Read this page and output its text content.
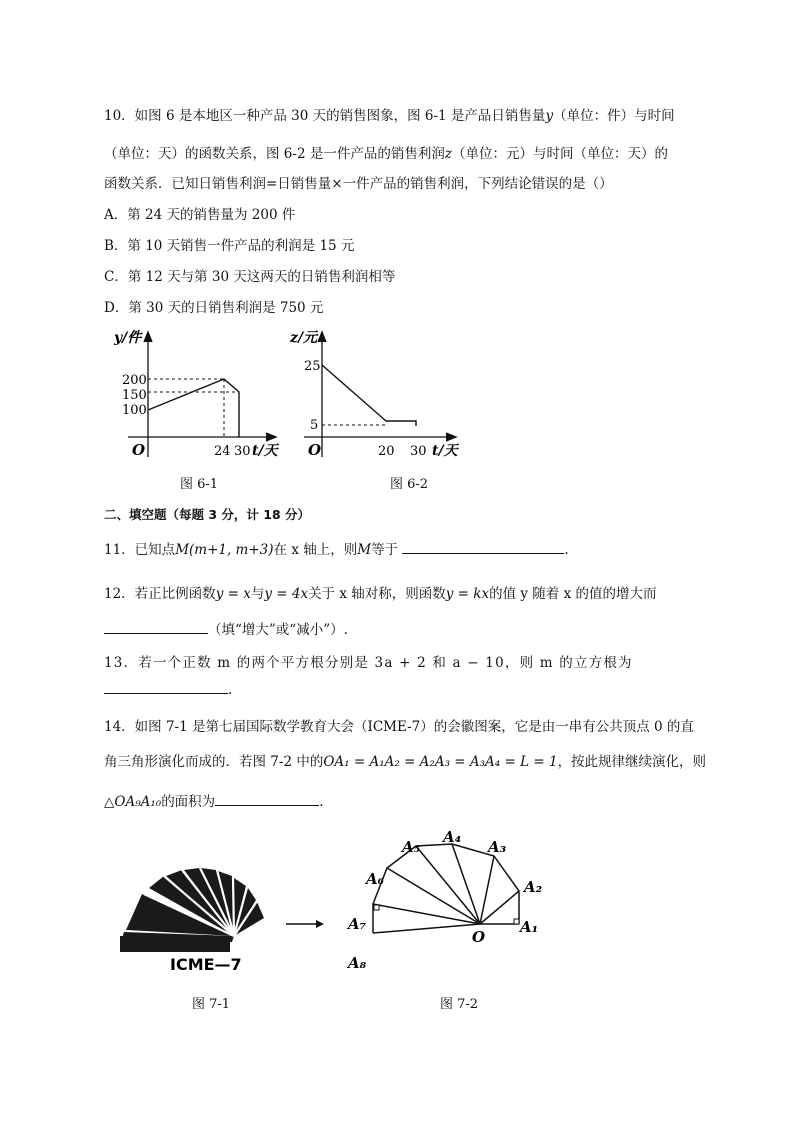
10．如图 6 是本地区一种产品 30 天的销售图象，图 6-1 是产品日销售量y（单位：件）与时间
（单位：天）的函数关系，图 6-2 是一件产品的销售利润z（单位：元）与时间（单位：天）的
函数关系．已知日销售利润=日销售量×一件产品的销售利润，下列结论错误的是（）
A．第 24 天的销售量为 200 件
B．第 10 天销售一件产品的利润是 15 元
C．第 12 天与第 30 天这两天的日销售利润相等
D．第 30 天的日销售利润是 750 元
y/件
200
150
100
O	24 30 t/天
图 6-1
z/元
25
5
O	20 30 t/天
图 6-2
二、填空题（每题 3 分，计 18 分）
11．已知点M(m+1, m+3)在 x 轴上，则M等于	.
12．若正比例函数y = x与y = 4x关于 x 轴对称，则函数y = kx的值 y 随着 x 的值的增大而
（填“增大”或“减小”）.
13．若一个正数 m 的两个平方根分别是 3a + 2 和 a − 10，则 m 的立方根为
.
14．如图 7-1 是第七届国际数学教育大会（ICME-7）的会徽图案，它是由一串有公共顶点 0 的直
角三角形演化而成的．若图 7-2 中的OA₁ = A₁A₂ = A₂A₃ = A₃A₄ = L = 1，按此规律继续演化，则
△OA₉A₁₀的面积为	.
ICME—7
图 7-1
A₁
A₂
A₃
A₄
A₅
A₆
A₇
A₈
O
图 7-2
